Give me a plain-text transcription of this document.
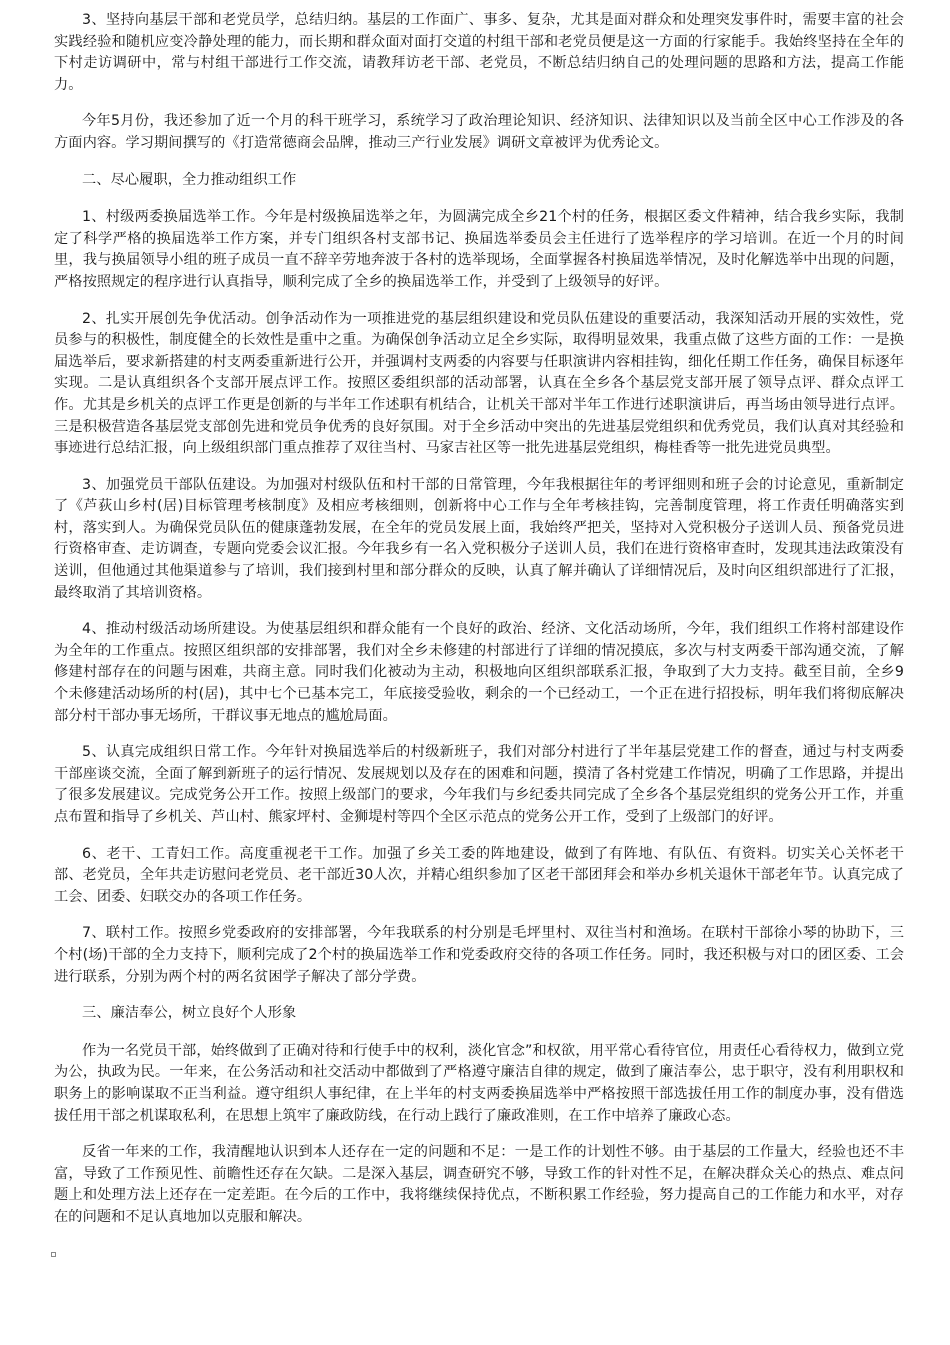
3、坚持向基层干部和老党员学，总结归纳。基层的工作面广、事多、复杂，尤其是面对群众和处理突发事件时，需要丰富的社会实践经验和随机应变冷静处理的能力，而长期和群众面对面打交道的村组干部和老党员便是这一方面的行家能手。我始终坚持在全年的下村走访调研中，常与村组干部进行工作交流，请教拜访老干部、老党员，不断总结归纳自己的处理问题的思路和方法，提高工作能力。

今年5月份，我还参加了近一个月的科干班学习，系统学习了政治理论知识、经济知识、法律知识以及当前全区中心工作涉及的各方面内容。学习期间撰写的《打造常德商会品牌，推动三产行业发展》调研文章被评为优秀论文。

二、尽心履职，全力推动组织工作

1、村级两委换届选举工作。今年是村级换届选举之年，为圆满完成全乡21个村的任务，根据区委文件精神，结合我乡实际，我制定了科学严格的换届选举工作方案，并专门组织各村支部书记、换届选举委员会主任进行了选举程序的学习培训。在近一个月的时间里，我与换届领导小组的班子成员一直不辞辛劳地奔波于各村的选举现场，全面掌握各村换届选举情况，及时化解选举中出现的问题，严格按照规定的程序进行认真指导，顺利完成了全乡的换届选举工作，并受到了上级领导的好评。

2、扎实开展创先争优活动。创争活动作为一项推进党的基层组织建设和党员队伍建设的重要活动，我深知活动开展的实效性，党员参与的积极性，制度健全的长效性是重中之重。为确保创争活动立足全乡实际，取得明显效果，我重点做了这些方面的工作：一是换届选举后，要求新搭建的村支两委重新进行公开，并强调村支两委的内容要与任职演讲内容相挂钩，细化任期工作任务，确保目标逐年实现。二是认真组织各个支部开展点评工作。按照区委组织部的活动部署，认真在全乡各个基层党支部开展了领导点评、群众点评工作。尤其是乡机关的点评工作更是创新的与半年工作述职有机结合，让机关干部对半年工作进行述职演讲后，再当场由领导进行点评。三是积极营造各基层党支部创先进和党员争优秀的良好氛围。对于全乡活动中突出的先进基层党组织和优秀党员，我们认真对其经验和事迹进行总结汇报，向上级组织部门重点推荐了双往当村、马家吉社区等一批先进基层党组织，梅桂香等一批先进党员典型。

3、加强党员干部队伍建设。为加强对村级队伍和村干部的日常管理，今年我根据往年的考评细则和班子会的讨论意见，重新制定了《芦荻山乡村(居)目标管理考核制度》及相应考核细则，创新将中心工作与全年考核挂钩，完善制度管理，将工作责任明确落实到村，落实到人。为确保党员队伍的健康蓬勃发展，在全年的党员发展上面，我始终严把关，坚持对入党积极分子送训人员、预备党员进行资格审查、走访调查，专题向党委会议汇报。今年我乡有一名入党积极分子送训人员，我们在进行资格审查时，发现其违法政策没有送训，但他通过其他渠道参与了培训，我们接到村里和部分群众的反映，认真了解并确认了详细情况后，及时向区组织部进行了汇报，最终取消了其培训资格。

4、推动村级活动场所建设。为使基层组织和群众能有一个良好的政治、经济、文化活动场所，今年，我们组织工作将村部建设作为全年的工作重点。按照区组织部的安排部署，我们对全乡未修建的村部进行了详细的情况摸底，多次与村支两委干部沟通交流，了解修建村部存在的问题与困难，共商主意。同时我们化被动为主动，积极地向区组织部联系汇报，争取到了大力支持。截至目前，全乡9个未修建活动场所的村(居)，其中七个已基本完工，年底接受验收，剩余的一个已经动工，一个正在进行招投标，明年我们将彻底解决部分村干部办事无场所，干群议事无地点的尴尬局面。

5、认真完成组织日常工作。今年针对换届选举后的村级新班子，我们对部分村进行了半年基层党建工作的督查，通过与村支两委干部座谈交流，全面了解到新班子的运行情况、发展规划以及存在的困难和问题，摸清了各村党建工作情况，明确了工作思路，并提出了很多发展建议。完成党务公开工作。按照上级部门的要求，今年我们与乡纪委共同完成了全乡各个基层党组织的党务公开工作，并重点布置和指导了乡机关、芦山村、熊家坪村、金狮堤村等四个全区示范点的党务公开工作，受到了上级部门的好评。

6、老干、工青妇工作。高度重视老干工作。加强了乡关工委的阵地建设，做到了有阵地、有队伍、有资料。切实关心关怀老干部、老党员，全年共走访慰问老党员、老干部近30人次，并精心组织参加了区老干部团拜会和举办乡机关退休干部老年节。认真完成了工会、团委、妇联交办的各项工作任务。

7、联村工作。按照乡党委政府的安排部署，今年我联系的村分别是毛坪里村、双往当村和渔场。在联村干部徐小琴的协助下，三个村(场)干部的全力支持下，顺利完成了2个村的换届选举工作和党委政府交待的各项工作任务。同时，我还积极与对口的团区委、工会进行联系，分别为两个村的两名贫困学子解决了部分学费。

三、廉洁奉公，树立良好个人形象

作为一名党员干部，始终做到了正确对待和行使手中的权利，淡化官念”和权欲，用平常心看待官位，用责任心看待权力，做到立党为公，执政为民。一年来，在公务活动和社交活动中都做到了严格遵守廉洁自律的规定，做到了廉洁奉公，忠于职守，没有利用职权和职务上的影响谋取不正当利益。遵守组织人事纪律，在上半年的村支两委换届选举中严格按照干部选拔任用工作的制度办事，没有借选拔任用干部之机谋取私利，在思想上筑牢了廉政防线，在行动上践行了廉政准则，在工作中培养了廉政心态。

反省一年来的工作，我清醒地认识到本人还存在一定的问题和不足：一是工作的计划性不够。由于基层的工作量大，经验也还不丰富，导致了工作预见性、前瞻性还存在欠缺。二是深入基层，调查研究不够，导致工作的针对性不足，在解决群众关心的热点、难点问题上和处理方法上还存在一定差距。在今后的工作中，我将继续保持优点，不断积累工作经验，努力提高自己的工作能力和水平，对存在的问题和不足认真地加以克服和解决。
